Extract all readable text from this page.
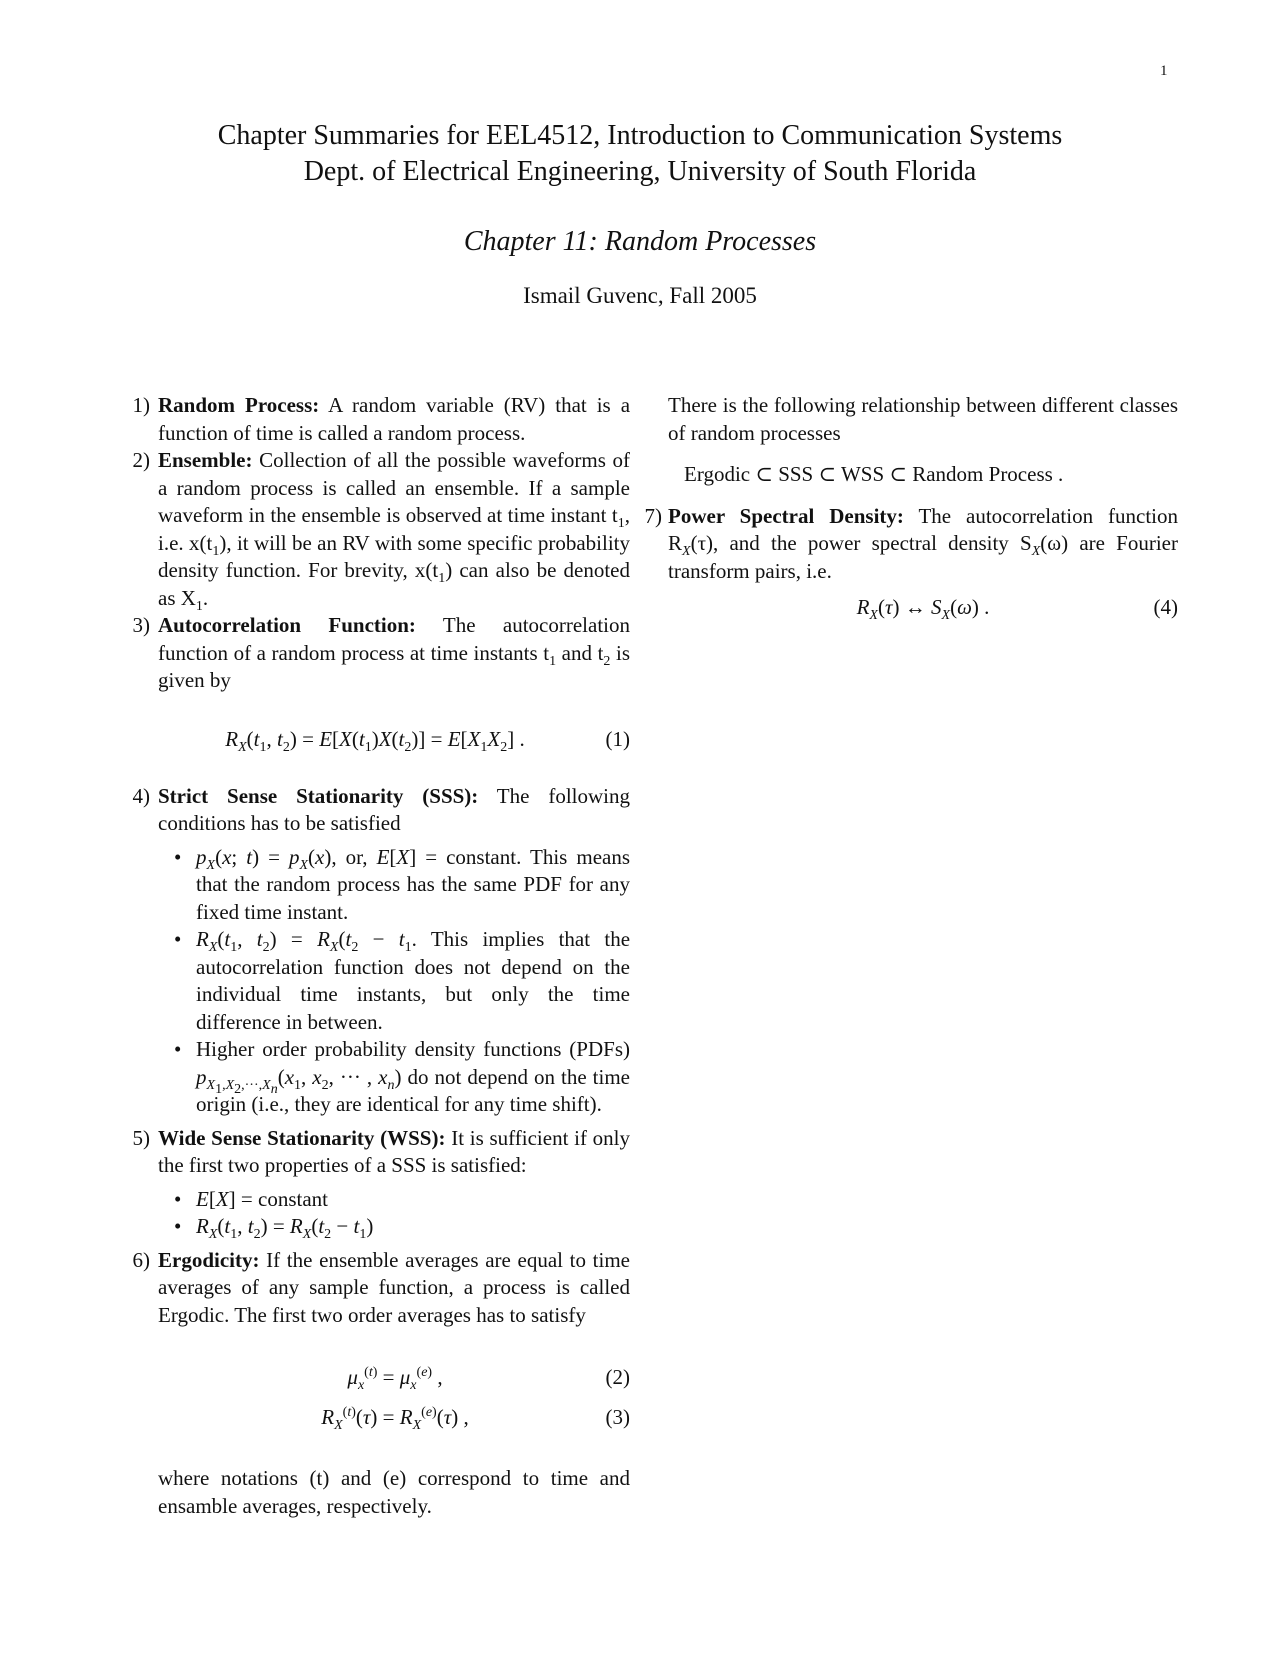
1
Chapter Summaries for EEL4512, Introduction to Communication Systems
Dept. of Electrical Engineering, University of South Florida
Chapter 11: Random Processes
Ismail Guvenc, Fall 2005
1) Random Process: A random variable (RV) that is a function of time is called a random process.
2) Ensemble: Collection of all the possible waveforms of a random process is called an ensemble. If a sample waveform in the ensemble is observed at time instant $t_1$, i.e. $x(t_1)$, it will be an RV with some specific probability density function. For brevity, $x(t_1)$ can also be denoted as $X_1$.
3) Autocorrelation Function: The autocorrelation function of a random process at time instants $t_1$ and $t_2$ is given by
$R_X(t_1$, $t_2) = E[X(t_1)X(t_2)] = E[X_1X_2]$ .	(1)
4) Strict Sense Stationarity (SSS): The following conditions has to be satisfied
• $p_X(x$; $t) = p_X(x)$, or, E[X] = constant. This means that the random process has the same PDF for any fixed time instant.
• $R_X(t_1$, $t_2) = R_X(t_2 - t_1$. This implies that the autocorrelation function does not depend on the individual time instants, but only the time difference in between.
• Higher order probability density functions (PDFs) $p_{X_1,X_2,\cdot\cdot\cdot,X_n}(x_1$, $x_2$, ··· , $x_n$) do not depend on the time origin (i.e., they are identical for any time shift).
5) Wide Sense Stationarity (WSS): It is sufficient if only the first two properties of a SSS is satisfied:
• E[X] = constant
• $R_X(t_1$, $t_2) = R_X(t_2 - t_1)$
6) Ergodicity: If the ensemble averages are equal to time averages of any sample function, a process is called Ergodic. The first two order averages has to satisfy
$\mu_x^{(t)} = \mu_x^{(e)}$ ,	(2)
$R_X^{(t)}(\tau) = R_X^{(e)}(\tau)$ ,	(3)
where notations (t) and (e) correspond to time and ensamble averages, respectively.
There is the following relationship between different classes of random processes
Ergodic ⊂ SSS ⊂ WSS ⊂ Random Process .
7) Power Spectral Density: The autocorrelation function $R_X(\tau)$, and the power spectral density $S_X(\omega)$ are Fourier transform pairs, i.e.
$R_X(\tau)$ ↔ $S_X(\omega)$ .	(4)
